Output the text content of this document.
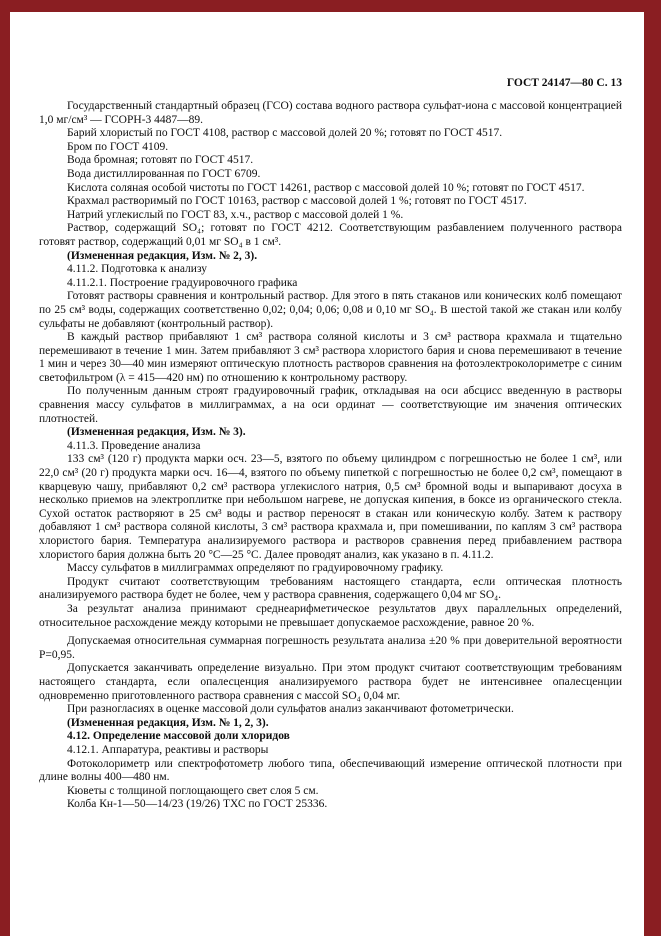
ГОСТ 24147—80 С. 13

Государственный стандартный образец (ГСО) состава водного раствора сульфат-иона с массовой концентрацией 1,0 мг/см³ — ГСОРН-3 4487—89.

Барий хлористый по ГОСТ 4108, раствор с массовой долей 20 %; готовят по ГОСТ 4517.

Бром по ГОСТ 4109.

Вода бромная; готовят по ГОСТ 4517.

Вода дистиллированная по ГОСТ 6709.

Кислота соляная особой чистоты по ГОСТ 14261, раствор с массовой долей 10 %; готовят по ГОСТ 4517.

Крахмал растворимый по ГОСТ 10163, раствор с массовой долей 1 %; готовят по ГОСТ 4517.

Натрий углекислый по ГОСТ 83, х.ч., раствор с массовой долей 1 %.

Раствор, содержащий SO₄; готовят по ГОСТ 4212. Соответствующим разбавлением полученного раствора готовят раствор, содержащий 0,01 мг SO₄ в 1 см³.

(Измененная редакция, Изм. № 2, 3).

4.11.2. Подготовка к анализу

4.11.2.1. Построение градуировочного графика

Готовят растворы сравнения и контрольный раствор. Для этого в пять стаканов или конических колб помещают по 25 см³ воды, содержащих соответственно 0,02; 0,04; 0,06; 0,08 и 0,10 мг SO₄. В шестой такой же стакан или колбу сульфаты не добавляют (контрольный раствор).

В каждый раствор прибавляют 1 см³ раствора соляной кислоты и 3 см³ раствора крахмала и тщательно перемешивают в течение 1 мин. Затем прибавляют 3 см³ раствора хлористого бария и снова перемешивают в течение 1 мин и через 30—40 мин измеряют оптическую плотность растворов сравнения на фотоэлектроколориметре с синим светофильтром (λ = 415—420 нм) по отношению к контрольному раствору.

По полученным данным строят градуировочный график, откладывая на оси абсцисс введенную в растворы сравнения массу сульфатов в миллиграммах, а на оси ординат — соответствующие им значения оптических плотностей.

(Измененная редакция, Изм. № 3).

4.11.3. Проведение анализа

133 см³ (120 г) продукта марки осч. 23—5, взятого по объему цилиндром с погрешностью не более 1 см³, или 22,0 см³ (20 г) продукта марки осч. 16—4, взятого по объему пипеткой с погрешностью не более 0,2 см³, помещают в кварцевую чашу, прибавляют 0,2 см³ раствора углекислого натрия, 0,5 см³ бромной воды и выпаривают досуха в несколько приемов на электроплитке при небольшом нагреве, не допуская кипения, в боксе из органического стекла. Сухой остаток растворяют в 25 см³ воды и раствор переносят в стакан или коническую колбу. Затем к раствору добавляют 1 см³ раствора соляной кислоты, 3 см³ раствора крахмала и, при помешивании, по каплям 3 см³ раствора хлористого бария. Температура анализируемого раствора и растворов сравнения перед прибавлением раствора хлористого бария должна быть 20 °С—25 °С. Далее проводят анализ, как указано в п. 4.11.2.

Массу сульфатов в миллиграммах определяют по градуировочному графику.

Продукт считают соответствующим требованиям настоящего стандарта, если оптическая плотность анализируемого раствора будет не более, чем у раствора сравнения, содержащего 0,04 мг SO₄.

За результат анализа принимают среднеарифметическое результатов двух параллельных определений, относительное расхождение между которыми не превышает допускаемое расхождение, равное 20 %.

Допускаемая относительная суммарная погрешность результата анализа ±20 % при доверительной вероятности Р=0,95.

Допускается заканчивать определение визуально. При этом продукт считают соответствующим требованиям настоящего стандарта, если опалесценция анализируемого раствора будет не интенсивнее опалесценции одновременно приготовленного раствора сравнения с массой SO₄ 0,04 мг.

При разногласиях в оценке массовой доли сульфатов анализ заканчивают фотометрически.

(Измененная редакция, Изм. № 1, 2, 3).

4.12. Определение массовой доли хлоридов

4.12.1. Аппаратура, реактивы и растворы

Фотоколориметр или спектрофотометр любого типа, обеспечивающий измерение оптической плотности при длине волны 400—480 нм.

Кюветы с толщиной поглощающего свет слоя 5 см.

Колба Кн-1—50—14/23 (19/26) ТХС по ГОСТ 25336.
